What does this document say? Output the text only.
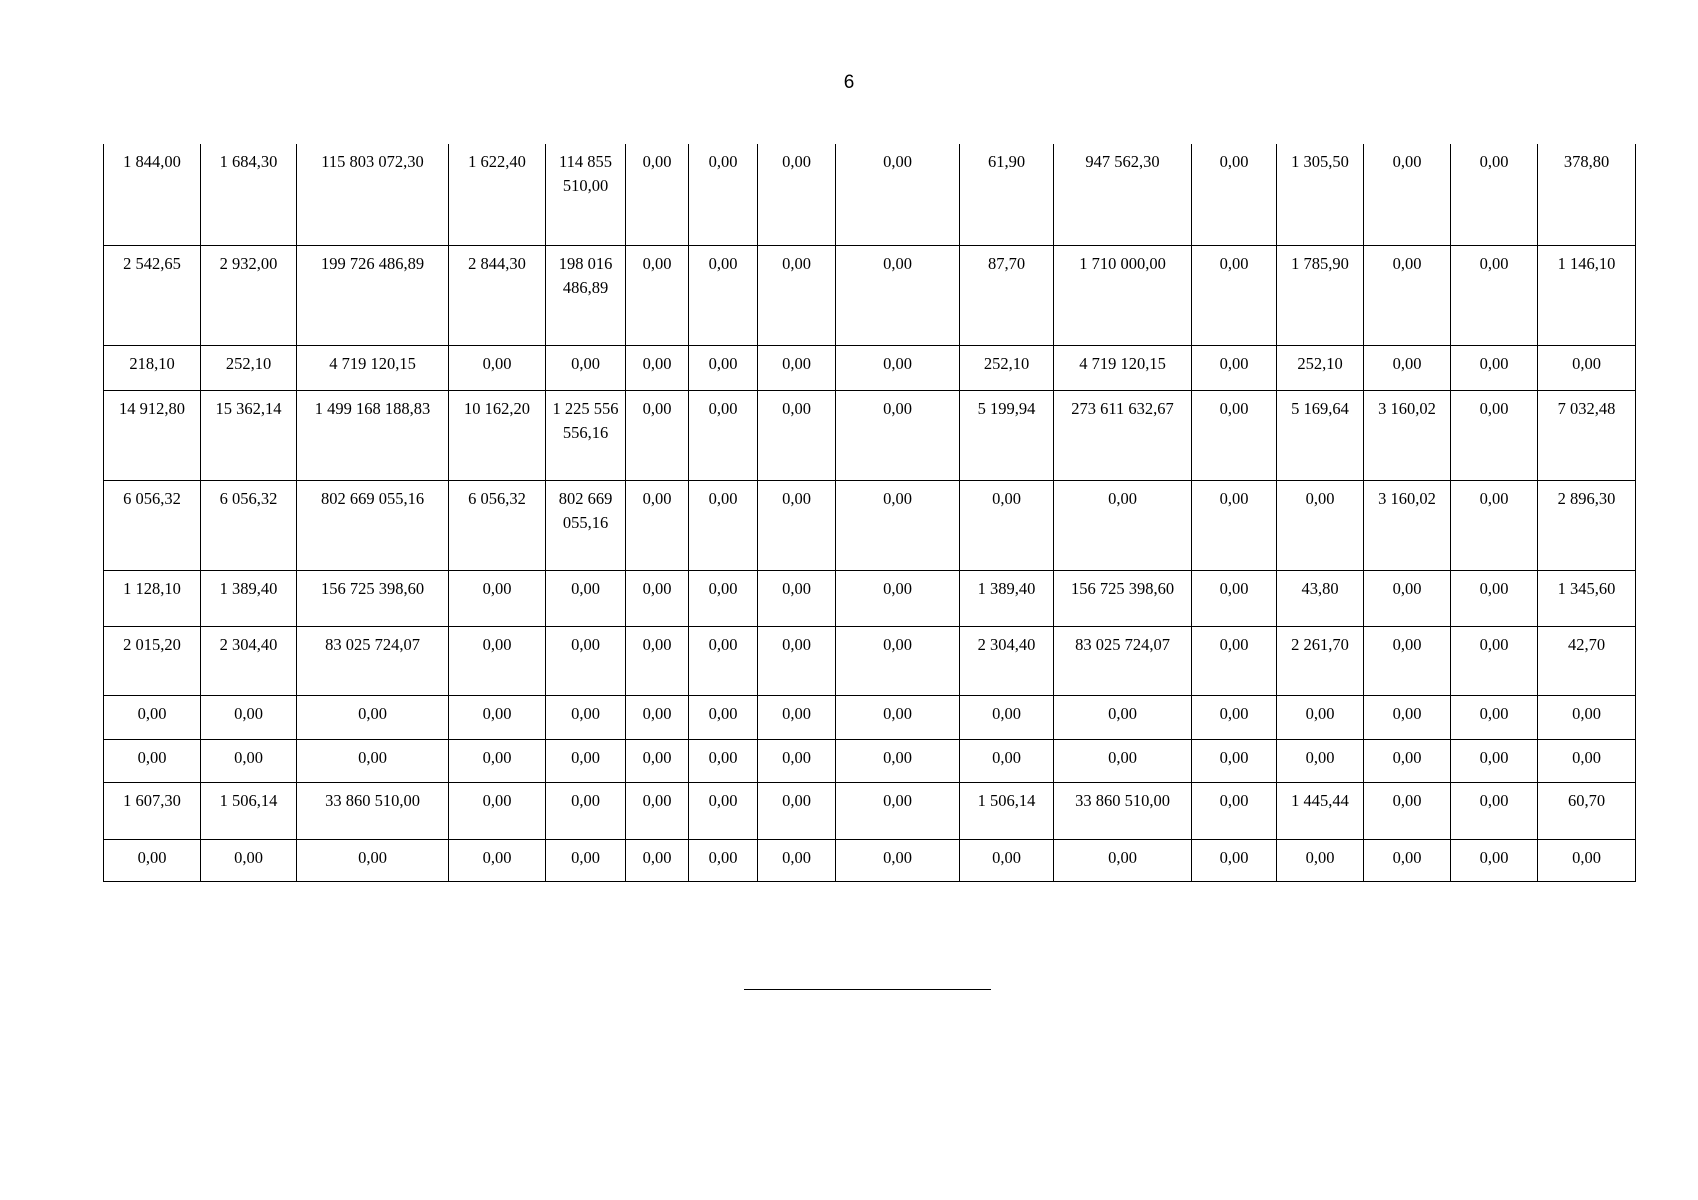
6
1 844,00	1 684,30	115 803 072,30	1 622,40	114 855 510,00	0,00	0,00	0,00	0,00	61,90	947 562,30	0,00	1 305,50	0,00	0,00	378,80
2 542,65	2 932,00	199 726 486,89	2 844,30	198 016 486,89	0,00	0,00	0,00	0,00	87,70	1 710 000,00	0,00	1 785,90	0,00	0,00	1 146,10
218,10	252,10	4 719 120,15	0,00	0,00	0,00	0,00	0,00	0,00	252,10	4 719 120,15	0,00	252,10	0,00	0,00	0,00
14 912,80	15 362,14	1 499 168 188,83	10 162,20	1 225 556 556,16	0,00	0,00	0,00	0,00	5 199,94	273 611 632,67	0,00	5 169,64	3 160,02	0,00	7 032,48
6 056,32	6 056,32	802 669 055,16	6 056,32	802 669 055,16	0,00	0,00	0,00	0,00	0,00	0,00	0,00	0,00	3 160,02	0,00	2 896,30
1 128,10	1 389,40	156 725 398,60	0,00	0,00	0,00	0,00	0,00	0,00	1 389,40	156 725 398,60	0,00	43,80	0,00	0,00	1 345,60
2 015,20	2 304,40	83 025 724,07	0,00	0,00	0,00	0,00	0,00	0,00	2 304,40	83 025 724,07	0,00	2 261,70	0,00	0,00	42,70
0,00	0,00	0,00	0,00	0,00	0,00	0,00	0,00	0,00	0,00	0,00	0,00	0,00	0,00	0,00	0,00
0,00	0,00	0,00	0,00	0,00	0,00	0,00	0,00	0,00	0,00	0,00	0,00	0,00	0,00	0,00	0,00
1 607,30	1 506,14	33 860 510,00	0,00	0,00	0,00	0,00	0,00	0,00	1 506,14	33 860 510,00	0,00	1 445,44	0,00	0,00	60,70
0,00	0,00	0,00	0,00	0,00	0,00	0,00	0,00	0,00	0,00	0,00	0,00	0,00	0,00	0,00	0,00
